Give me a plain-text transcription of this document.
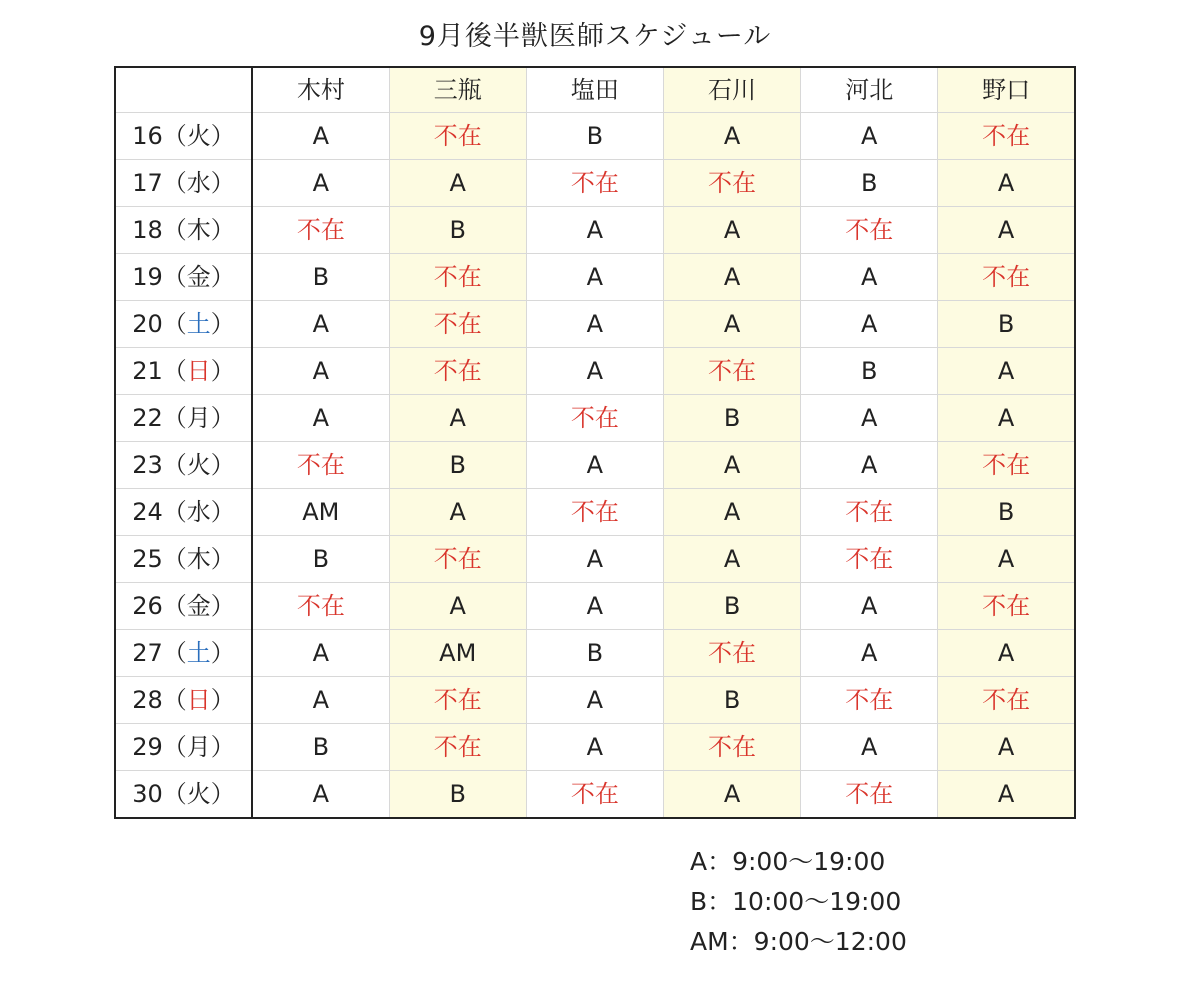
9月後半獣医師スケジュール
	木村	三瓶	塩田	石川	河北	野口
16（火）	A	不在	B	A	A	不在
17（水）	A	A	不在	不在	B	A
18（木）	不在	B	A	A	不在	A
19（金）	B	不在	A	A	A	不在
20（土）	A	不在	A	A	A	B
21（日）	A	不在	A	不在	B	A
22（月）	A	A	不在	B	A	A
23（火）	不在	B	A	A	A	不在
24（水）	AM	A	不在	A	不在	B
25（木）	B	不在	A	A	不在	A
26（金）	不在	A	A	B	A	不在
27（土）	A	AM	B	不在	A	A
28（日）	A	不在	A	B	不在	不在
29（月）	B	不在	A	不在	A	A
30（火）	A	B	不在	A	不在	A
A：9:00〜19:00
B：10:00〜19:00
AM：9:00〜12:00
